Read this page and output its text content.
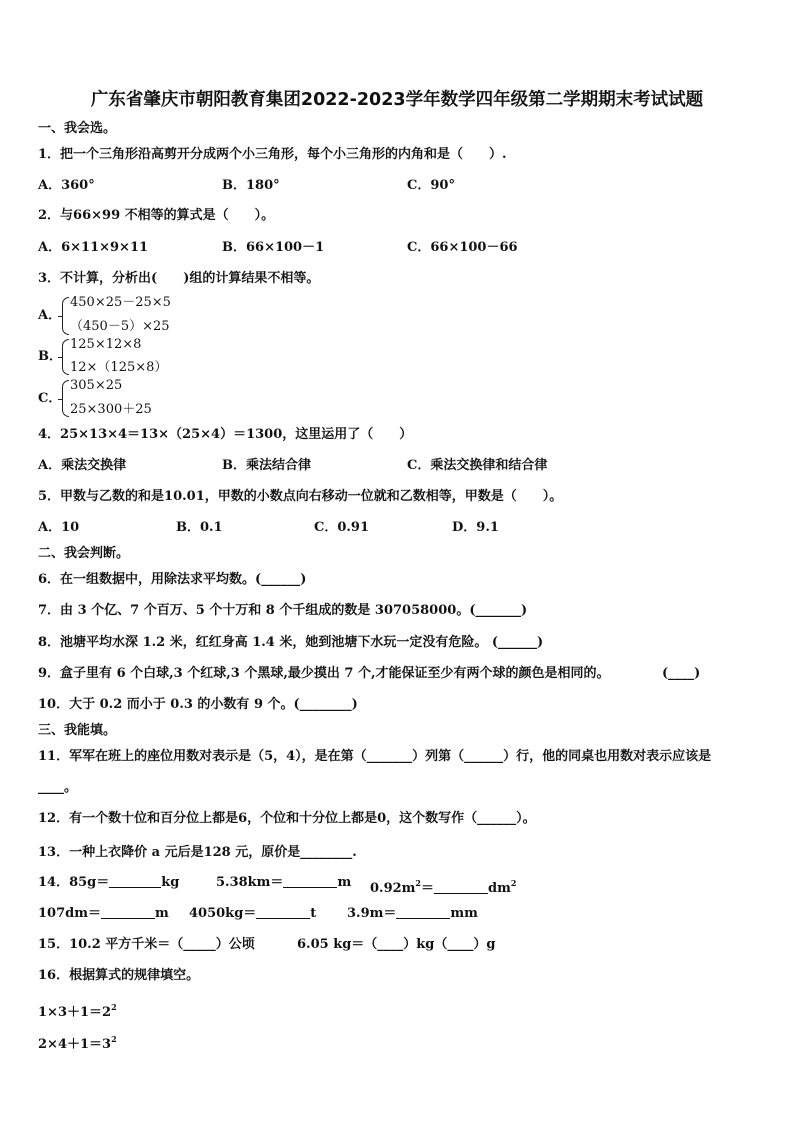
广东省肇庆市朝阳教育集团2022-2023学年数学四年级第二学期期末考试试题
一、我会选。
1．把一个三角形沿高剪开分成两个小三角形，每个小三角形的内角和是（　　）.
A．360°	B．180°	C．90°
2．与66×99 不相等的算式是（　　）。
A．6×11×9×11	B．66×100－1	C．66×100－66
3．不计算，分析出(　　)组的计算结果不相等。
A．
450×25－25×5
（450－5）×25
B．
125×12×8
12×（125×8）
C．
305×25
25×300＋25
4．25×13×4＝13×（25×4）＝1300，这里运用了（　　）
A．乘法交换律	B．乘法结合律	C．乘法交换律和结合律
5．甲数与乙数的和是10.01，甲数的小数点向右移动一位就和乙数相等，甲数是（　　）。
A．10	B．0.1	C．0.91	D．9.1
二、我会判断。
6．在一组数据中，用除法求平均数。(______)
7．由 3 个亿、7 个百万、5 个十万和 8 个千组成的数是 307058000。(_______)
8．池塘平均水深 1.2 米，红红身高 1.4 米，她到池塘下水玩一定没有危险。 (______)
9．盒子里有 6 个白球,3 个红球,3 个黑球,最少摸出 7 个,才能保证至少有两个球的颜色是相同的。	(____)
10．大于 0.2 而小于 0.3 的小数有 9 个。(________)
三、我能填。
11．军军在班上的座位用数对表示是（5，4），是在第（_______）列第（______）行，他的同桌也用数对表示应该是
____。
12．有一个数十位和百分位上都是6，个位和十分位上都是0，这个数写作（______）。
13．一种上衣降价 a 元后是128 元，原价是________.
14．85g＝	kg	5.38km＝	m $0.92m^2=$	$dm^2$
107dm＝	m 4050kg＝	t 3.9m＝	mm
15．10.2 平方千米＝（_____）公顷	6.05 kg＝（____）kg（____）g
16．根据算式的规律填空。
$1\times 3+1=2^2$
$2\times 4+1=3^2$
